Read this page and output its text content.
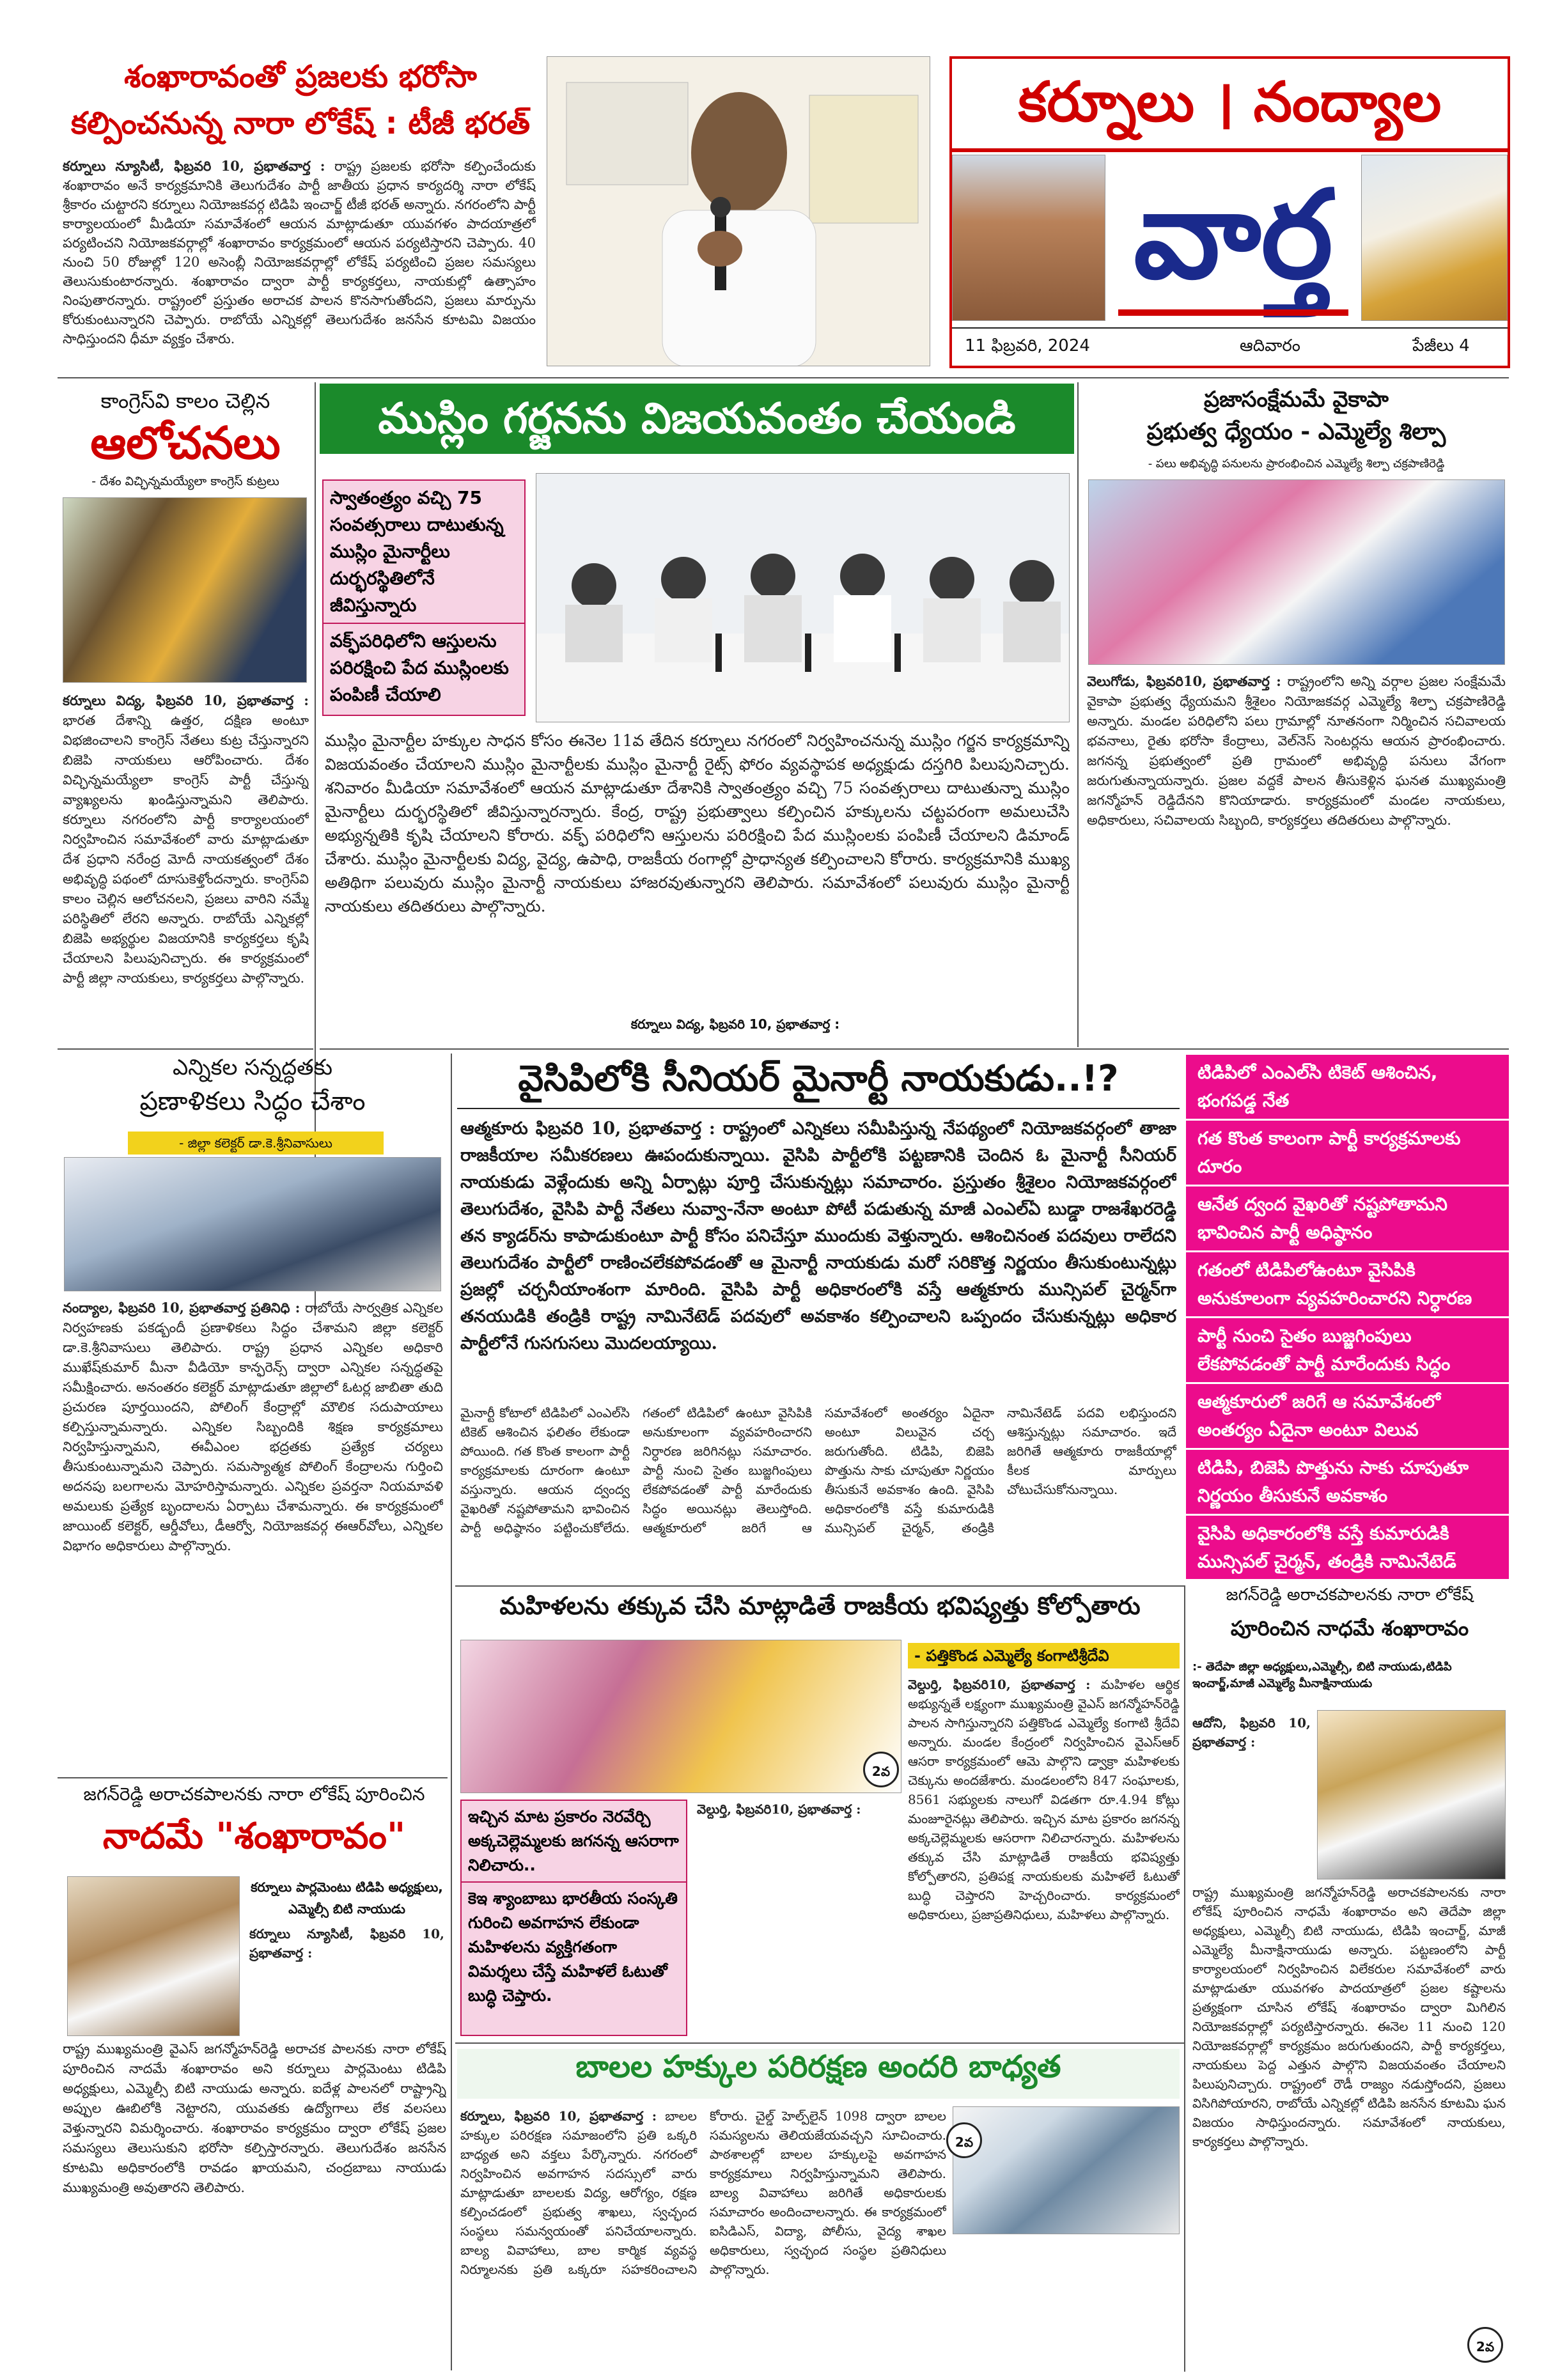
శంఖారావంతో ప్రజలకు భరోసా
కల్పించనున్న నారా లోకేష్ : టీజీ భరత్
కర్నూలు న్యూసిటీ, ఫిబ్రవరి 10, ప్రభాతవార్త : రాష్ట్ర ప్రజలకు భరోసా కల్పించేందుకు శంఖారావం అనే కార్యక్రమానికి తెలుగుదేశం పార్టీ జాతీయ ప్రధాన కార్యదర్శి నారా లోకేష్ శ్రీకారం చుట్టారని కర్నూలు నియోజకవర్గ టిడిపి ఇంచార్జ్ టీజీ భరత్ అన్నారు. నగరంలోని పార్టీ కార్యాలయంలో మీడియా సమావేశంలో ఆయన మాట్లాడుతూ యువగళం పాదయాత్రలో పర్యటించని నియోజకవర్గాల్లో శంఖారావం కార్యక్రమంలో ఆయన పర్యటిస్తారని చెప్పారు. 40 నుంచి 50 రోజుల్లో 120 అసెంబ్లీ నియోజకవర్గాల్లో లోకేష్ పర్యటించి ప్రజల సమస్యలు తెలుసుకుంటారన్నారు. శంఖారావం ద్వారా పార్టీ కార్యకర్తలు, నాయకుల్లో ఉత్సాహం నింపుతారన్నారు. రాష్ట్రంలో ప్రస్తుతం అరాచక పాలన కొనసాగుతోందని, ప్రజలు మార్పును కోరుకుంటున్నారని చెప్పారు. రాబోయే ఎన్నికల్లో తెలుగుదేశం జనసేన కూటమి విజయం సాధిస్తుందని ధీమా వ్యక్తం చేశారు.
కర్నూలు । నంద్యాల
వార్త
11 ఫిబ్రవరి, 2024	ఆదివారం	పేజీలు 4
కాంగ్రెస్‌వి కాలం చెల్లిన
ఆలోచనలు
- దేశం విచ్ఛిన్నమయ్యేలా కాంగ్రెస్ కుట్రలు
కర్నూలు విద్య, ఫిబ్రవరి 10, ప్రభాతవార్త : భారత దేశాన్ని ఉత్తర, దక్షిణ అంటూ విభజించాలని కాంగ్రెస్ నేతలు కుట్ర చేస్తున్నారని బిజెపి నాయకులు ఆరోపించారు. దేశం విచ్ఛిన్నమయ్యేలా కాంగ్రెస్ పార్టీ చేస్తున్న వ్యాఖ్యలను ఖండిస్తున్నామని తెలిపారు. కర్నూలు నగరంలోని పార్టీ కార్యాలయంలో నిర్వహించిన సమావేశంలో వారు మాట్లాడుతూ దేశ ప్రధాని నరేంద్ర మోదీ నాయకత్వంలో దేశం అభివృద్ధి పథంలో దూసుకెళ్తోందన్నారు. కాంగ్రెస్‌వి కాలం చెల్లిన ఆలోచనలని, ప్రజలు వారిని నమ్మే పరిస్థితిలో లేరని అన్నారు. రాబోయే ఎన్నికల్లో బిజెపి అభ్యర్థుల విజయానికి కార్యకర్తలు కృషి చేయాలని పిలుపునిచ్చారు. ఈ కార్యక్రమంలో పార్టీ జిల్లా నాయకులు, కార్యకర్తలు పాల్గొన్నారు.
ముస్లిం గర్జనను విజయవంతం చేయండి
స్వాతంత్ర్యం వచ్చి 75 సంవత్సరాలు దాటుతున్న ముస్లిం మైనార్టీలు దుర్భరస్థితిలోనే జీవిస్తున్నారు
వక్ఫ్‌పరిధిలోని ఆస్తులను పరిరక్షించి పేద ముస్లింలకు పంపిణీ చేయాలి
ముస్లిం మైనార్టీల హక్కుల సాధన కోసం ఈనెల 11వ తేదిన కర్నూలు నగరంలో నిర్వహించనున్న ముస్లిం గర్జన కార్యక్రమాన్ని విజయవంతం చేయాలని ముస్లిం మైనార్టీలకు ముస్లిం మైనార్టీ రైట్స్ ఫోరం వ్యవస్థాపక అధ్యక్షుడు దస్తగిరి పిలుపునిచ్చారు. శనివారం మీడియా సమావేశంలో ఆయన మాట్లాడుతూ దేశానికి స్వాతంత్ర్యం వచ్చి 75 సంవత్సరాలు దాటుతున్నా ముస్లిం మైనార్టీలు దుర్భరస్థితిలో జీవిస్తున్నారన్నారు. కేంద్ర, రాష్ట్ర ప్రభుత్వాలు కల్పించిన హక్కులను చట్టపరంగా అమలుచేసి అభ్యున్నతికి కృషి చేయాలని కోరారు. వక్ఫ్ పరిధిలోని ఆస్తులను పరిరక్షించి పేద ముస్లింలకు పంపిణీ చేయాలని డిమాండ్ చేశారు. ముస్లిం మైనార్టీలకు విద్య, వైద్య, ఉపాధి, రాజకీయ రంగాల్లో ప్రాధాన్యత కల్పించాలని కోరారు. కార్యక్రమానికి ముఖ్య అతిథిగా పలువురు ముస్లిం మైనార్టీ నాయకులు హాజరవుతున్నారని తెలిపారు. సమావేశంలో పలువురు ముస్లిం మైనార్టీ నాయకులు తదితరులు పాల్గొన్నారు.
కర్నూలు విద్య, ఫిబ్రవరి 10, ప్రభాతవార్త :
ప్రజాసంక్షేమమే వైకాపా
ప్రభుత్వ ధ్యేయం - ఎమ్మెల్యే శిల్పా
- పలు అభివృద్ధి పనులను ప్రారంభించిన ఎమ్మెల్యే శిల్పా చక్రపాణిరెడ్డి
వెలుగోడు, ఫిబ్రవరి10, ప్రభాతవార్త : రాష్ట్రంలోని అన్ని వర్గాల ప్రజల సంక్షేమమే వైకాపా ప్రభుత్వ ధ్యేయమని శ్రీశైలం నియోజకవర్గ ఎమ్మెల్యే శిల్పా చక్రపాణిరెడ్డి అన్నారు. మండల పరిధిలోని పలు గ్రామాల్లో నూతనంగా నిర్మించిన సచివాలయ భవనాలు, రైతు భరోసా కేంద్రాలు, వెల్‌నెస్ సెంటర్లను ఆయన ప్రారంభించారు. జగనన్న ప్రభుత్వంలో ప్రతి గ్రామంలో అభివృద్ధి పనులు వేగంగా జరుగుతున్నాయన్నారు. ప్రజల వద్దకే పాలన తీసుకెళ్లిన ఘనత ముఖ్యమంత్రి జగన్మోహన్ రెడ్డిదేనని కొనియాడారు. కార్యక్రమంలో మండల నాయకులు, అధికారులు, సచివాలయ సిబ్బంది, కార్యకర్తలు తదితరులు పాల్గొన్నారు.
ఎన్నికల సన్నద్ధతకు
ప్రణాళికలు సిద్ధం చేశాం
- జిల్లా కలెక్టర్ డా.కె.శ్రీనివాసులు
నంద్యాల, ఫిబ్రవరి 10, ప్రభాతవార్త ప్రతినిధి : రాబోయే సార్వత్రిక ఎన్నికల నిర్వహణకు పకడ్బందీ ప్రణాళికలు సిద్ధం చేశామని జిల్లా కలెక్టర్ డా.కె.శ్రీనివాసులు తెలిపారు. రాష్ట్ర ప్రధాన ఎన్నికల అధికారి ముఖేష్‌కుమార్ మీనా వీడియో కాన్ఫరెన్స్ ద్వారా ఎన్నికల సన్నద్ధతపై సమీక్షించారు. అనంతరం కలెక్టర్ మాట్లాడుతూ జిల్లాలో ఓటర్ల జాబితా తుది ప్రచురణ పూర్తయిందని, పోలింగ్ కేంద్రాల్లో మౌలిక సదుపాయాలు కల్పిస్తున్నామన్నారు. ఎన్నికల సిబ్బందికి శిక్షణ కార్యక్రమాలు నిర్వహిస్తున్నామని, ఈవీఎంల భద్రతకు ప్రత్యేక చర్యలు తీసుకుంటున్నామని చెప్పారు. సమస్యాత్మక పోలింగ్ కేంద్రాలను గుర్తించి అదనపు బలగాలను మోహరిస్తామన్నారు. ఎన్నికల ప్రవర్తనా నియమావళి అమలుకు ప్రత్యేక బృందాలను ఏర్పాటు చేశామన్నారు. ఈ కార్యక్రమంలో జాయింట్ కలెక్టర్, ఆర్డీవోలు, డీఆర్వో, నియోజకవర్గ ఈఆర్‌వోలు, ఎన్నికల విభాగం అధికారులు పాల్గొన్నారు.
జగన్‌రెడ్డి అరాచకపాలనకు నారా లోకేష్ పూరించిన
నాదమే "శంఖారావం"
కర్నూలు పార్లమెంటు టిడిపి అధ్యక్షులు, ఎమ్మెల్సీ బిటి నాయుడు
కర్నూలు న్యూసిటీ, ఫిబ్రవరి 10, ప్రభాతవార్త :
రాష్ట్ర ముఖ్యమంత్రి వైఎస్ జగన్మోహన్‌రెడ్డి అరాచక పాలనకు నారా లోకేష్ పూరించిన నాదమే శంఖారావం అని కర్నూలు పార్లమెంటు టిడిపి అధ్యక్షులు, ఎమ్మెల్సీ బిటి నాయుడు అన్నారు. ఐదేళ్ల పాలనలో రాష్ట్రాన్ని అప్పుల ఊబిలోకి నెట్టారని, యువతకు ఉద్యోగాలు లేక వలసలు వెళ్తున్నారని విమర్శించారు. శంఖారావం కార్యక్రమం ద్వారా లోకేష్ ప్రజల సమస్యలు తెలుసుకుని భరోసా కల్పిస్తారన్నారు. తెలుగుదేశం జనసేన కూటమి అధికారంలోకి రావడం ఖాయమని, చంద్రబాబు నాయుడు ముఖ్యమంత్రి అవుతారని తెలిపారు.
వైసిపిలోకి సీనియర్ మైనార్టీ నాయకుడు..!?
ఆత్మకూరు ఫిబ్రవరి 10, ప్రభాతవార్త : రాష్ట్రంలో ఎన్నికలు సమీపిస్తున్న నేపథ్యంలో నియోజకవర్గంలో తాజా రాజకీయాల సమీకరణలు ఊపందుకున్నాయి. వైసిపి పార్టీలోకి పట్టణానికి చెందిన ఓ మైనార్టీ సీనియర్ నాయకుడు వెళ్లేందుకు అన్ని ఏర్పాట్లు పూర్తి చేసుకున్నట్లు సమాచారం. ప్రస్తుతం శ్రీశైలం నియోజకవర్గంలో తెలుగుదేశం, వైసిపి పార్టీ నేతలు నువ్వా-నేనా అంటూ పోటీ పడుతున్న మాజీ ఎంఎల్ఏ బుడ్డా రాజశేఖరరెడ్డి తన క్యాడర్‌ను కాపాడుకుంటూ పార్టీ కోసం పనిచేస్తూ ముందుకు వెళ్తున్నారు. ఆశించినంత పదవులు రాలేదని తెలుగుదేశం పార్టీలో రాణించలేకపోవడంతో ఆ మైనార్టీ నాయకుడు మరో సరికొత్త నిర్ణయం తీసుకుంటున్నట్లు ప్రజల్లో చర్చనీయాంశంగా మారింది. వైసిపి పార్టీ అధికారంలోకి వస్తే ఆత్మకూరు మున్సిపల్ చైర్మన్‌గా తనయుడికి తండ్రికి రాష్ట్ర నామినేటెడ్ పదవులో అవకాశం కల్పించాలని ఒప్పందం చేసుకున్నట్లు అధికార పార్టీలోనే గుసగుసలు మొదలయ్యాయి.
మైనార్టీ కోటాలో టిడిపిలో ఎంఎల్‌సి టికెట్ ఆశించిన ఫలితం లేకుండా పోయింది. గత కొంత కాలంగా పార్టీ కార్యక్రమాలకు దూరంగా ఉంటూ వస్తున్నారు. ఆయన ద్వంద్వ వైఖరితో నష్టపోతామని భావించిన పార్టీ అధిష్ఠానం పట్టించుకోలేదు. గతంలో టిడిపిలో ఉంటూ వైసిపికి అనుకూలంగా వ్యవహరించారని నిర్ధారణ జరిగినట్లు సమాచారం. పార్టీ నుంచి సైతం బుజ్జగింపులు లేకపోవడంతో పార్టీ మారేందుకు సిద్ధం అయినట్లు తెలుస్తోంది. ఆత్మకూరులో జరిగే ఆ సమావేశంలో అంతర్యం ఏదైనా అంటూ విలువైన చర్చ జరుగుతోంది. టిడిపి, బిజెపి పొత్తును సాకు చూపుతూ నిర్ణయం తీసుకునే అవకాశం ఉంది. వైసిపి అధికారంలోకి వస్తే కుమారుడికి మున్సిపల్ చైర్మన్, తండ్రికి నామినేటెడ్ పదవి లభిస్తుందని ఆశిస్తున్నట్లు సమాచారం. ఇదే జరిగితే ఆత్మకూరు రాజకీయాల్లో కీలక మార్పులు చోటుచేసుకోనున్నాయి.
టిడిపిలో ఎంఎల్‌సి టికెట్ ఆశించిన, భంగపడ్డ నేత
గత కొంత కాలంగా పార్టీ కార్యక్రమాలకు దూరం
ఆనేత ద్వంద వైఖరితో నష్టపోతామని భావించిన పార్టీ అధిష్ఠానం
గతంలో టిడిపిలోఉంటూ వైసిపికి అనుకూలంగా వ్యవహరించారని నిర్ధారణ
పార్టీ నుంచి సైతం బుజ్జగింపులు లేకపోవడంతో పార్టీ మారేందుకు సిద్ధం
ఆత్మకూరులో జరిగే ఆ సమావేశంలో అంతర్యం ఏదైనా అంటూ విలువ
టిడిపి, బిజెపి పొత్తును సాకు చూపుతూ నిర్ణయం తీసుకునే అవకాశం
వైసిపి అధికారంలోకి వస్తే కుమారుడికి మున్సిపల్ చైర్మన్, తండ్రికి నామినేటెడ్
మహిళలను తక్కువ చేసి మాట్లాడితే రాజకీయ భవిష్యత్తు కోల్పోతారు
- పత్తికొండ ఎమ్మెల్యే కంగాటిశ్రీదేవి
వెల్దుర్తి, ఫిబ్రవరి10, ప్రభాతవార్త : మహిళల ఆర్థిక అభ్యున్నతే లక్ష్యంగా ముఖ్యమంత్రి వైఎస్ జగన్మోహన్‌రెడ్డి పాలన సాగిస్తున్నారని పత్తికొండ ఎమ్మెల్యే కంగాటి శ్రీదేవి అన్నారు. మండల కేంద్రంలో నిర్వహించిన వైఎస్ఆర్ ఆసరా కార్యక్రమంలో ఆమె పాల్గొని డ్వాక్రా మహిళలకు చెక్కును అందజేశారు. మండలంలోని 847 సంఘాలకు, 8561 సభ్యులకు నాలుగో విడతగా రూ.4.94 కోట్లు మంజూరైనట్లు తెలిపారు. ఇచ్చిన మాట ప్రకారం జగనన్న అక్కచెల్లెమ్మలకు ఆసరాగా నిలిచారన్నారు. మహిళలను తక్కువ చేసి మాట్లాడితే రాజకీయ భవిష్యత్తు కోల్పోతారని, ప్రతిపక్ష నాయకులకు మహిళలే ఓటుతో బుద్ధి చెప్తారని హెచ్చరించారు. కార్యక్రమంలో అధికారులు, ప్రజాప్రతినిధులు, మహిళలు పాల్గొన్నారు.
ఇచ్చిన మాట ప్రకారం నెరవేర్చి అక్కచెల్లెమ్మలకు జగనన్న ఆసరాగా నిలిచారు..
కెఇ శ్యాంబాబు భారతీయ సంస్కతి గురించి అవగాహన లేకుండా మహిళలను వ్యక్తిగతంగా విమర్శలు చేస్తే మహిళలే ఓటుతో బుద్ధి చెప్తారు.
వెల్దుర్తి, ఫిబ్రవరి10, ప్రభాతవార్త :
2వ
బాలల హక్కుల పరిరక్షణ అందరి బాధ్యత
కర్నూలు, ఫిబ్రవరి 10, ప్రభాతవార్త : బాలల హక్కుల పరిరక్షణ సమాజంలోని ప్రతి ఒక్కరి బాధ్యత అని వక్తలు పేర్కొన్నారు. నగరంలో నిర్వహించిన అవగాహన సదస్సులో వారు మాట్లాడుతూ బాలలకు విద్య, ఆరోగ్యం, రక్షణ కల్పించడంలో ప్రభుత్వ శాఖలు, స్వచ్ఛంద సంస్థలు సమన్వయంతో పనిచేయాలన్నారు. బాల్య వివాహాలు, బాల కార్మిక వ్యవస్థ నిర్మూలనకు ప్రతి ఒక్కరూ సహకరించాలని కోరారు. చైల్డ్ హెల్ప్‌లైన్ 1098 ద్వారా బాలల సమస్యలను తెలియజేయవచ్చని సూచించారు. పాఠశాలల్లో బాలల హక్కులపై అవగాహన కార్యక్రమాలు నిర్వహిస్తున్నామని తెలిపారు. బాల్య వివాహాలు జరిగితే అధికారులకు సమాచారం అందించాలన్నారు. ఈ కార్యక్రమంలో ఐసిడిఎస్, విద్యా, పోలీసు, వైద్య శాఖల అధికారులు, స్వచ్ఛంద సంస్థల ప్రతినిధులు పాల్గొన్నారు.
2వ
జగన్‌రెడ్డి అరాచకపాలనకు నారా లోకేష్
పూరించిన నాధమే శంఖారావం
:- తెదేపా జిల్లా అధ్యక్షులు,ఎమ్మెల్సీ, బిటి నాయుడు,టిడిపి ఇంచార్జ్,మాజీ ఎమ్మెల్యే మీనాక్షినాయుడు
ఆదోని, ఫిబ్రవరి 10, ప్రభాతవార్త :
రాష్ట్ర ముఖ్యమంత్రి జగన్మోహన్‌రెడ్డి అరాచకపాలనకు నారా లోకేష్ పూరించిన నాధమే శంఖారావం అని తెదేపా జిల్లా అధ్యక్షులు, ఎమ్మెల్సీ బిటి నాయుడు, టిడిపి ఇంచార్జ్, మాజీ ఎమ్మెల్యే మీనాక్షినాయుడు అన్నారు. పట్టణంలోని పార్టీ కార్యాలయంలో నిర్వహించిన విలేకరుల సమావేశంలో వారు మాట్లాడుతూ యువగళం పాదయాత్రలో ప్రజల కష్టాలను ప్రత్యక్షంగా చూసిన లోకేష్ శంఖారావం ద్వారా మిగిలిన నియోజకవర్గాల్లో పర్యటిస్తారన్నారు. ఈనెల 11 నుంచి 120 నియోజకవర్గాల్లో కార్యక్రమం జరుగుతుందని, పార్టీ కార్యకర్తలు, నాయకులు పెద్ద ఎత్తున పాల్గొని విజయవంతం చేయాలని పిలుపునిచ్చారు. రాష్ట్రంలో రౌడీ రాజ్యం నడుస్తోందని, ప్రజలు విసిగిపోయారని, రాబోయే ఎన్నికల్లో టిడిపి జనసేన కూటమి ఘన విజయం సాధిస్తుందన్నారు. సమావేశంలో నాయకులు, కార్యకర్తలు పాల్గొన్నారు.
2వ
